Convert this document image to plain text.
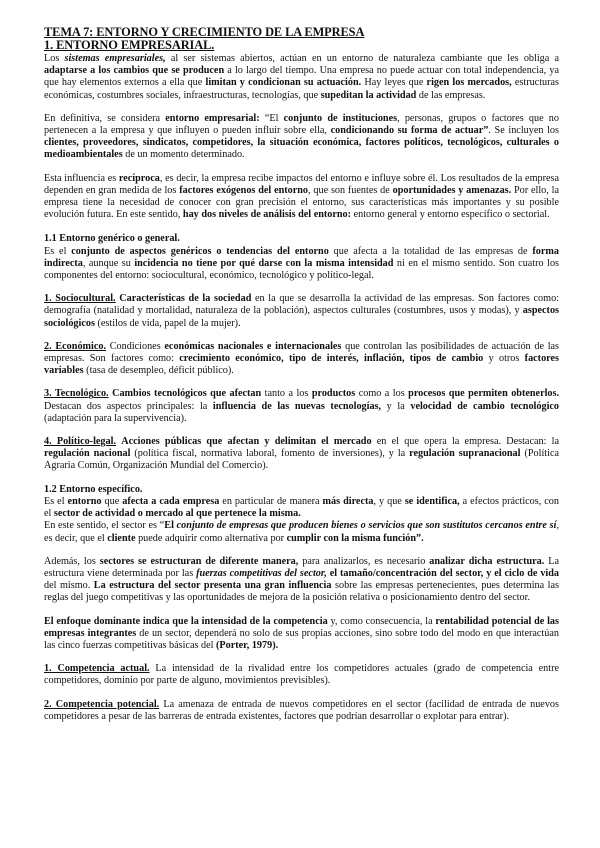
TEMA 7: ENTORNO Y CRECIMIENTO DE LA EMPRESA
1. ENTORNO EMPRESARIAL.

Los sistemas empresariales, al ser sistemas abiertos, actúan en un entorno de naturaleza cambiante que les obliga a adaptarse a los cambios que se producen a lo largo del tiempo. Una empresa no puede actuar con total independencia, ya que hay elementos externos a ella que limitan y condicionan su actuación. Hay leyes que rigen los mercados, estructuras económicas, costumbres sociales, infraestructuras, tecnologías, que supeditan la actividad de las empresas.

En definitiva, se considera entorno empresarial: “El conjunto de instituciones, personas, grupos o factores que no pertenecen a la empresa y que influyen o pueden influir sobre ella, condicionando su forma de actuar”. Se incluyen los clientes, proveedores, sindicatos, competidores, la situación económica, factores políticos, tecnológicos, culturales o medioambientales de un momento determinado.

Esta influencia es recíproca, es decir, la empresa recibe impactos del entorno e influye sobre él. Los resultados de la empresa dependen en gran medida de los factores exógenos del entorno, que son fuentes de oportunidades y amenazas. Por ello, la empresa tiene la necesidad de conocer con gran precisión el entorno, sus características más importantes y su posible evolución futura. En este sentido, hay dos niveles de análisis del entorno: entorno general y entorno específico o sectorial.

1.1 Entorno genérico o general.

Es el conjunto de aspectos genéricos o tendencias del entorno que afecta a la totalidad de las empresas de forma indirecta, aunque su incidencia no tiene por qué darse con la misma intensidad ni en el mismo sentido. Son cuatro los componentes del entorno: sociocultural, económico, tecnológico y político-legal.

1. Sociocultural. Características de la sociedad en la que se desarrolla la actividad de las empresas. Son factores como: demografía (natalidad y mortalidad, naturaleza de la población), aspectos culturales (costumbres, usos y modas), y aspectos sociológicos (estilos de vida, papel de la mujer).

2. Económico. Condiciones económicas nacionales e internacionales que controlan las posibilidades de actuación de las empresas. Son factores como: crecimiento económico, tipo de interés, inflación, tipos de cambio y otros factores variables (tasa de desempleo, déficit público).

3. Tecnológico. Cambios tecnológicos que afectan tanto a los productos como a los procesos que permiten obtenerlos. Destacan dos aspectos principales: la influencia de las nuevas tecnologías, y la velocidad de cambio tecnológico (adaptación para la supervivencia).

4. Político-legal. Acciones públicas que afectan y delimitan el mercado en el que opera la empresa. Destacan: la regulación nacional (política fiscal, normativa laboral, fomento de inversiones), y la regulación supranacional (Política Agraria Común, Organización Mundial del Comercio).

1.2 Entorno específico.

Es el entorno que afecta a cada empresa en particular de manera más directa, y que se identifica, a efectos prácticos, con el sector de actividad o mercado al que pertenece la misma.

En este sentido, el sector es “El conjunto de empresas que producen bienes o servicios que son sustitutos cercanos entre sí, es decir, que el cliente puede adquirir como alternativa por cumplir con la misma función”.

Además, los sectores se estructuran de diferente manera, para analizarlos, es necesario analizar dicha estructura. La estructura viene determinada por las fuerzas competitivas del sector, el tamaño/concentración del sector, y el ciclo de vida del mismo. La estructura del sector presenta una gran influencia sobre las empresas pertenecientes, pues determina las reglas del juego competitivas y las oportunidades de mejora de la posición relativa o posicionamiento dentro del sector.

El enfoque dominante indica que la intensidad de la competencia y, como consecuencia, la rentabilidad potencial de las empresas integrantes de un sector, dependerá no solo de sus propias acciones, sino sobre todo del modo en que interactúan las cinco fuerzas competitivas básicas del (Porter, 1979).

1. Competencia actual. La intensidad de la rivalidad entre los competidores actuales (grado de competencia entre competidores, dominio por parte de alguno, movimientos previsibles).

2. Competencia potencial. La amenaza de entrada de nuevos competidores en el sector (facilidad de entrada de nuevos competidores a pesar de las barreras de entrada existentes, factores que podrían desarrollar o explotar para entrar).
